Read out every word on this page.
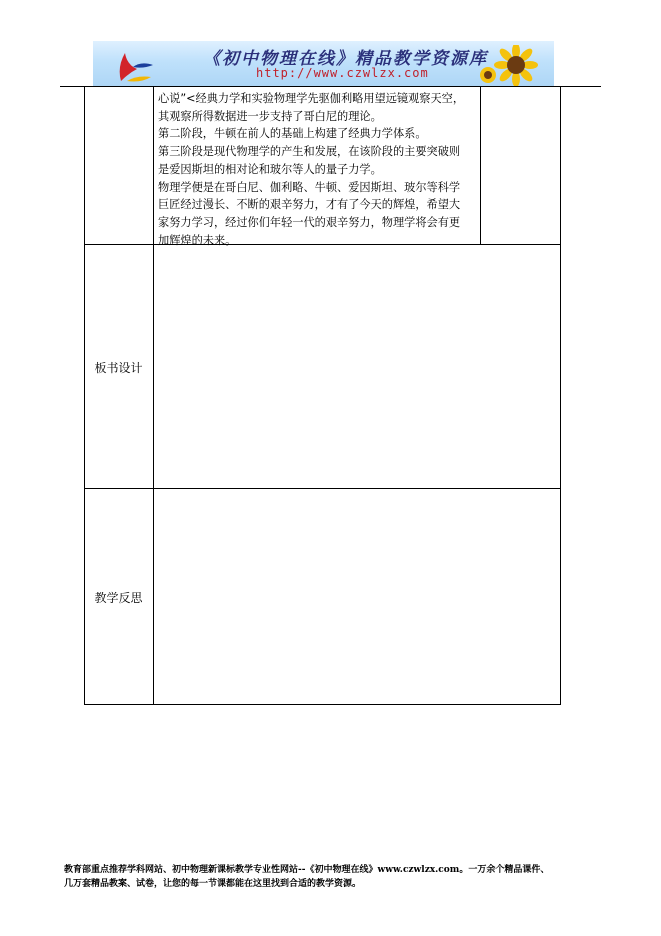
《初中物理在线》精品教学资源库
http://www.czwlzx.com

心说”<经典力学和实验物理学先驱伽利略用望远镜观察天空，

其观察所得数据进一步支持了哥白尼的理论。

第二阶段，牛顿在前人的基础上构建了经典力学体系。

第三阶段是现代物理学的产生和发展，在该阶段的主要突破则

是爱因斯坦的相对论和玻尔等人的量子力学。

物理学便是在哥白尼、伽利略、牛顿、爱因斯坦、玻尔等科学

巨匠经过漫长、不断的艰辛努力，才有了今天的辉煌，希望大

家努力学习，经过你们年轻一代的艰辛努力，物理学将会有更

加辉煌的未来。

板书设计
教学反思

教育部重点推荐学科网站、初中物理新课标教学专业性网站--《初中物理在线》www.czwlzx.com。一万余个精品课件、

几万套精品教案、试卷，让您的每一节课都能在这里找到合适的教学资源。
